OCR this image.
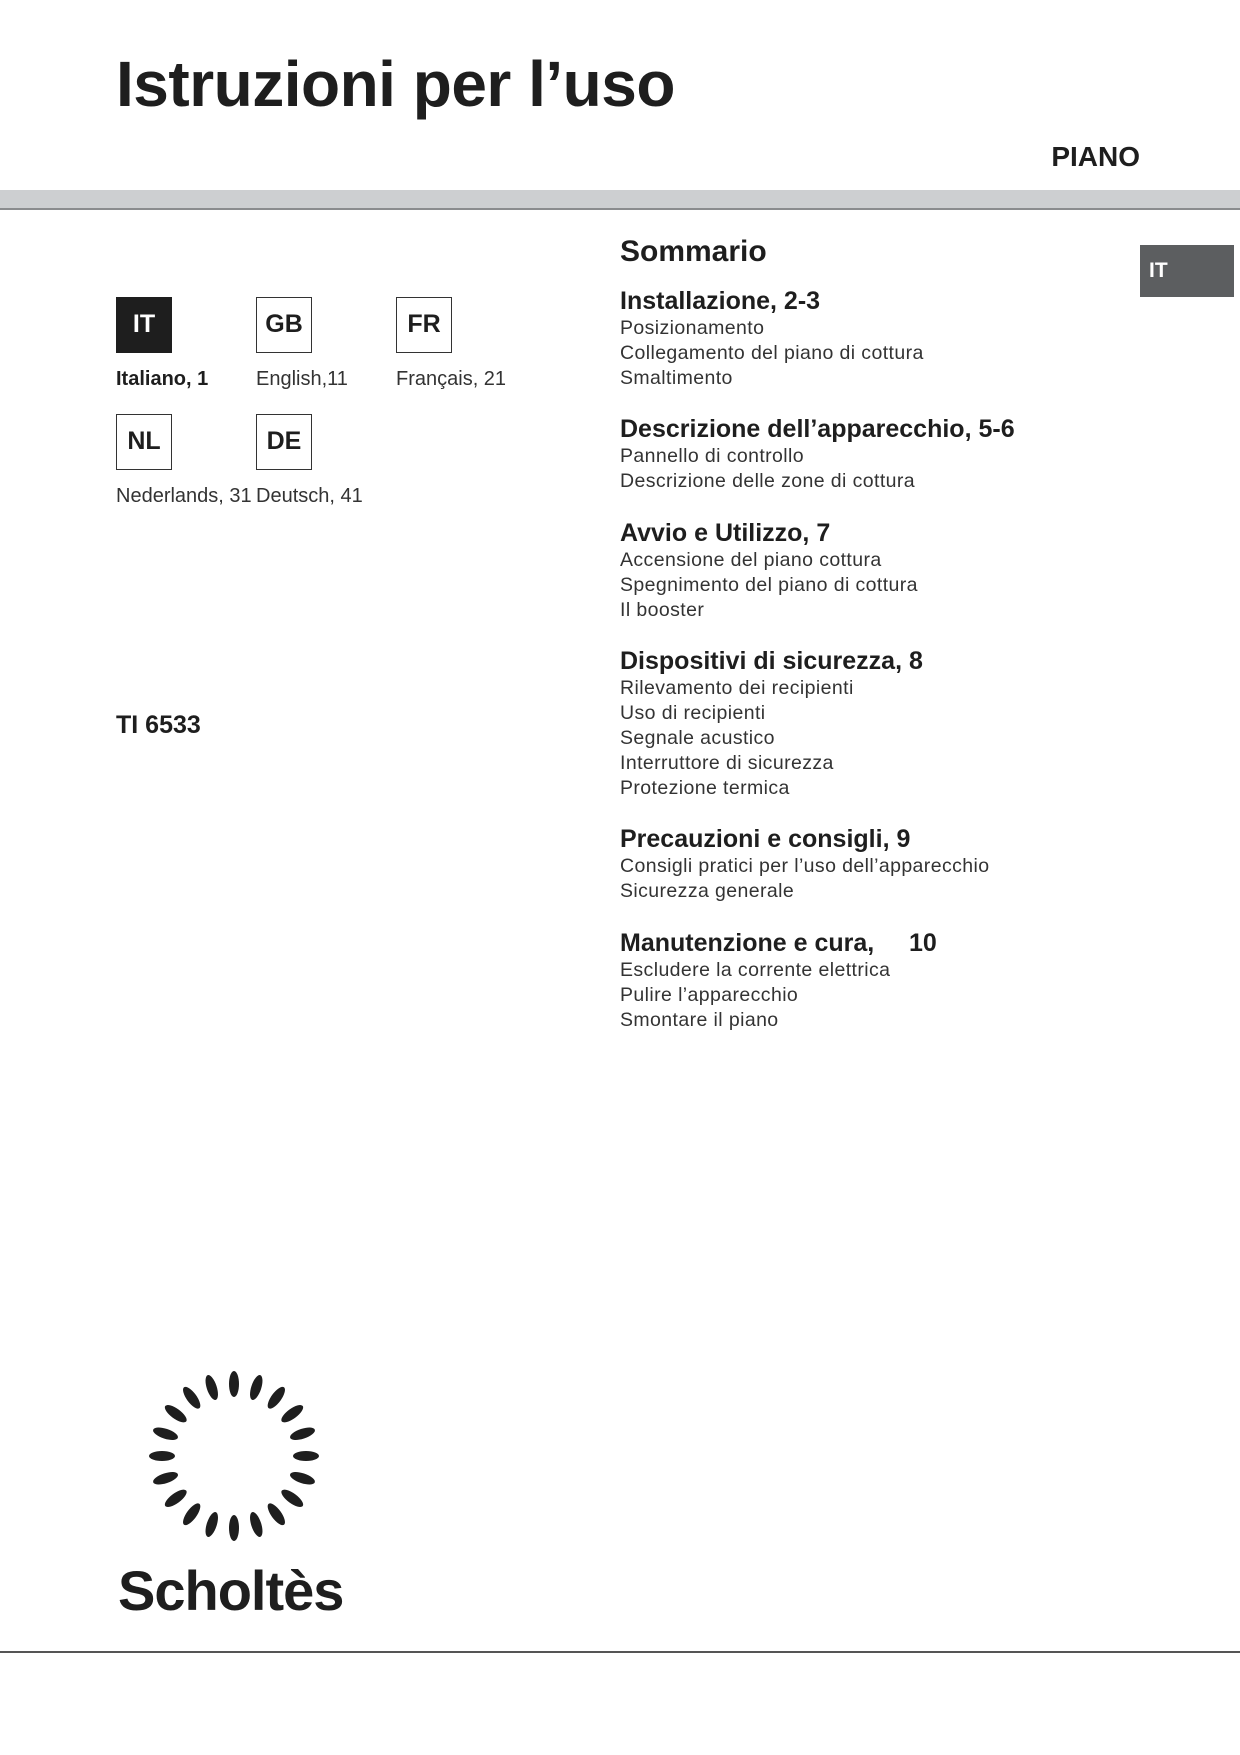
Istruzioni per l’uso
PIANO
IT
IT
Italiano, 1
GB
English,11
FR
Français, 21
NL
Nederlands, 31
DE
Deutsch, 41
TI 6533
Sommario
Installazione, 2-3
Posizionamento
Collegamento del piano di cottura
Smaltimento
Descrizione dell’apparecchio, 5-6
Pannello di controllo
Descrizione delle zone di cottura
Avvio e Utilizzo, 7
Accensione del piano cottura
Spegnimento del piano di cottura
Il booster
Dispositivi di sicurezza, 8
Rilevamento dei recipienti
Uso di recipienti
Segnale acustico
Interruttore di sicurezza
Protezione termica
Precauzioni e consigli, 9
Consigli pratici per l’uso dell’apparecchio
Sicurezza generale
Manutenzione e cura,     10
Escludere la corrente elettrica
Pulire l’apparecchio
Smontare il piano
Scholtès
